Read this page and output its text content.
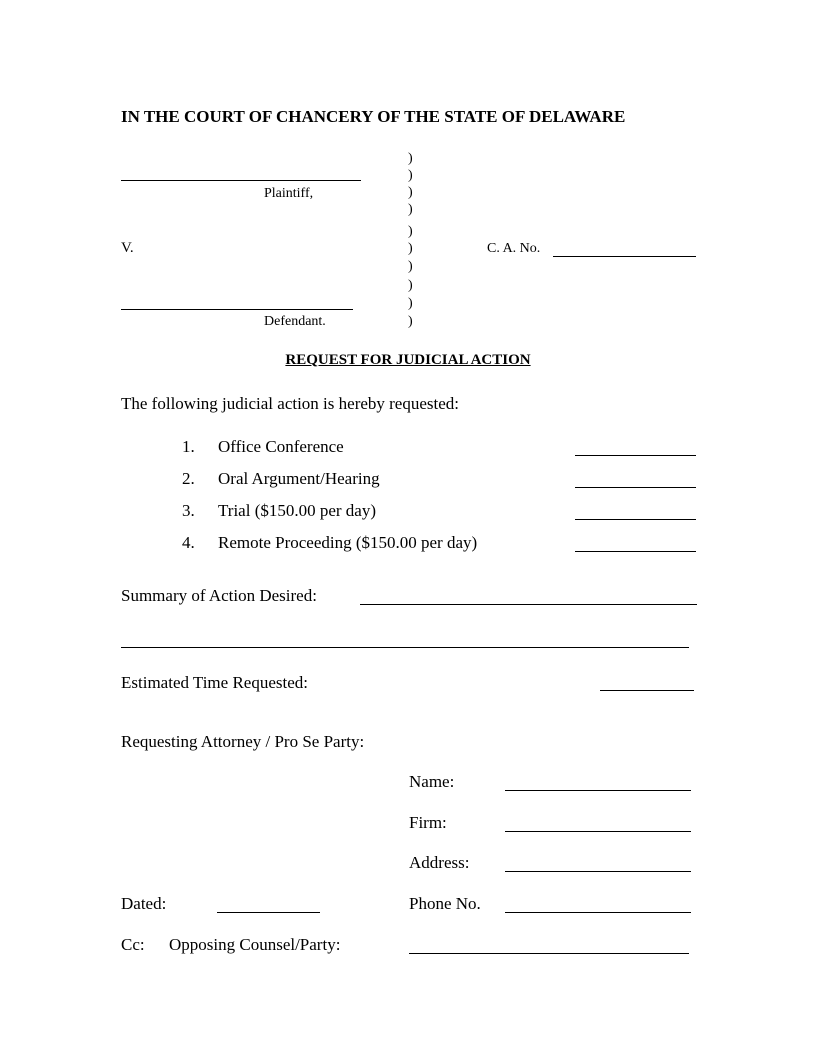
IN THE COURT OF CHANCERY OF THE STATE OF DELAWARE
Plaintiff,
V.
Defendant.
)
)
)
)
)
)
)
)
)
)
C. A. No.
REQUEST FOR JUDICIAL ACTION
The following judicial action is hereby requested:
1. Office Conference
2. Oral Argument/Hearing
3. Trial ($150.00 per day)
4. Remote Proceeding ($150.00 per day)
Summary of Action Desired:
Estimated Time Requested:
Requesting Attorney / Pro Se Party:
Name:
Firm:
Address:
Dated:	Phone No.
Cc: Opposing Counsel/Party:
